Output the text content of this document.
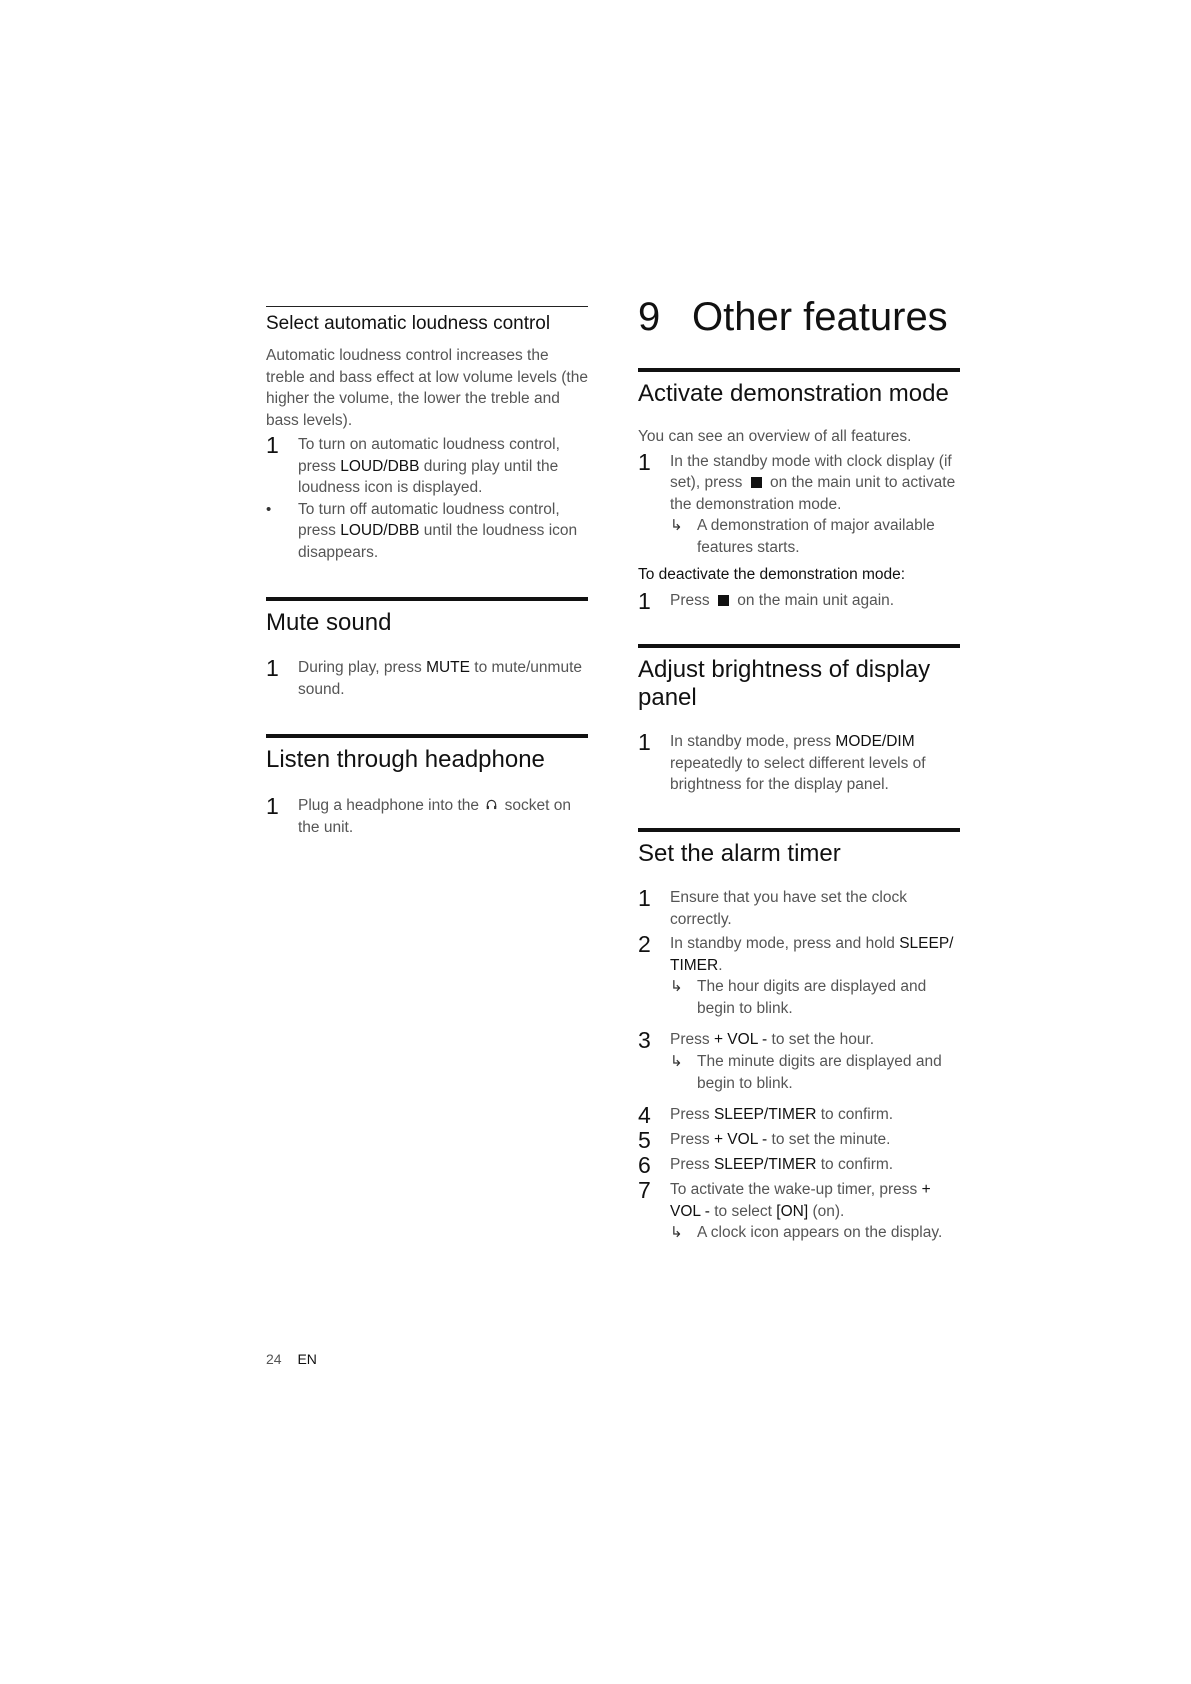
Select automatic loudness control

Automatic loudness control increases the treble and bass effect at low volume levels (the higher the volume, the lower the treble and bass levels).

1	To turn on automatic loudness control, press LOUD/DBB during play until the loudness icon is displayed.
•	To turn off automatic loudness control, press LOUD/DBB until the loudness icon disappears.
Mute sound
1	During play, press MUTE to mute/unmute sound.
Listen through headphone
1	Plug a headphone into the  socket on the unit.
9 Other features
Activate demonstration mode

You can see an overview of all features.

1	In the standby mode with clock display (if set), press  on the main unit to activate the demonstration mode.
↳ A demonstration of major available features starts.
To deactivate the demonstration mode:
1	Press  on the main unit again.
Adjust brightness of display
panel
1	In standby mode, press MODE/DIM repeatedly to select different levels of brightness for the display panel.
Set the alarm timer
1	Ensure that you have set the clock correctly.
2	In standby mode, press and hold SLEEP/ TIMER.
↳ The hour digits are displayed and begin to blink.
3	Press + VOL - to set the hour.
↳ The minute digits are displayed and begin to blink.
4	Press SLEEP/TIMER to confirm.
5	Press + VOL - to set the minute.
6	Press SLEEP/TIMER to confirm.
7	To activate the wake-up timer, press + VOL - to select [ON] (on).
↳ A clock icon appears on the display.
24 EN
